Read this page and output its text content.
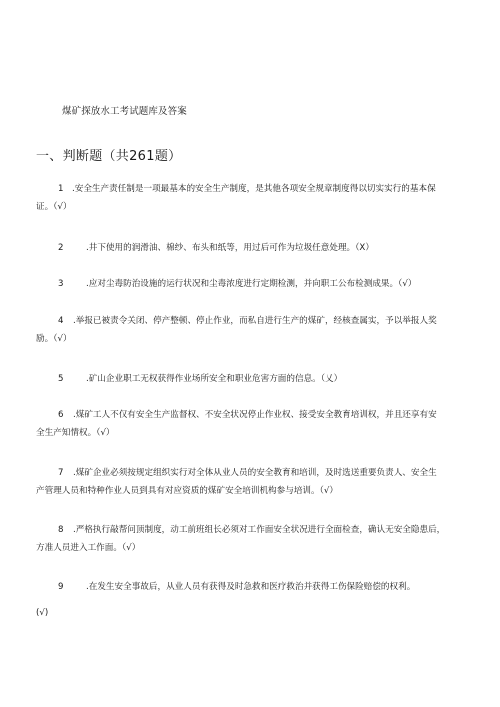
煤矿探放水工考试题库及答案
一、判断题（共261题）
1 .安全生产责任制是一项最基本的安全生产制度，是其他各项安全规章制度得以切实实行的基本保
证。（√）
2	.井下使用的润滑油、棉纱、布头和纸等，用过后可作为垃圾任意处理。（X）
3	.应对尘毒防治设施的运行状况和尘毒浓度进行定期检测，并向职工公布检测成果。（√）
4 .举报已被责令关闭、停产整顿、停止作业，而私自进行生产的煤矿，经核查属实，予以举报人奖
励。（√）
5	.矿山企业职工无权获得作业场所安全和职业危害方面的信息。（乂）
6 .煤矿工人不仅有安全生产监督权、不安全状况停止作业权、接受安全教育培训权，并且还享有安
全生产知情权。（√）
7 .煤矿企业必须按规定组织实行对全体从业人员的安全教育和培训，及时选送重要负责人、安全生
产管理人员和特种作业人员到具有对应资质的煤矿安全培训机构参与培训。（√）
8 .严格执行敲帮问顶制度，动工前班组长必须对工作面安全状况进行全面检查，确认无安全隐患后，
方准人员进入工作面。（√）
9	.在发生安全事故后，从业人员有获得及时急救和医疗救治并获得工伤保险赔偿的权利。
(√)
